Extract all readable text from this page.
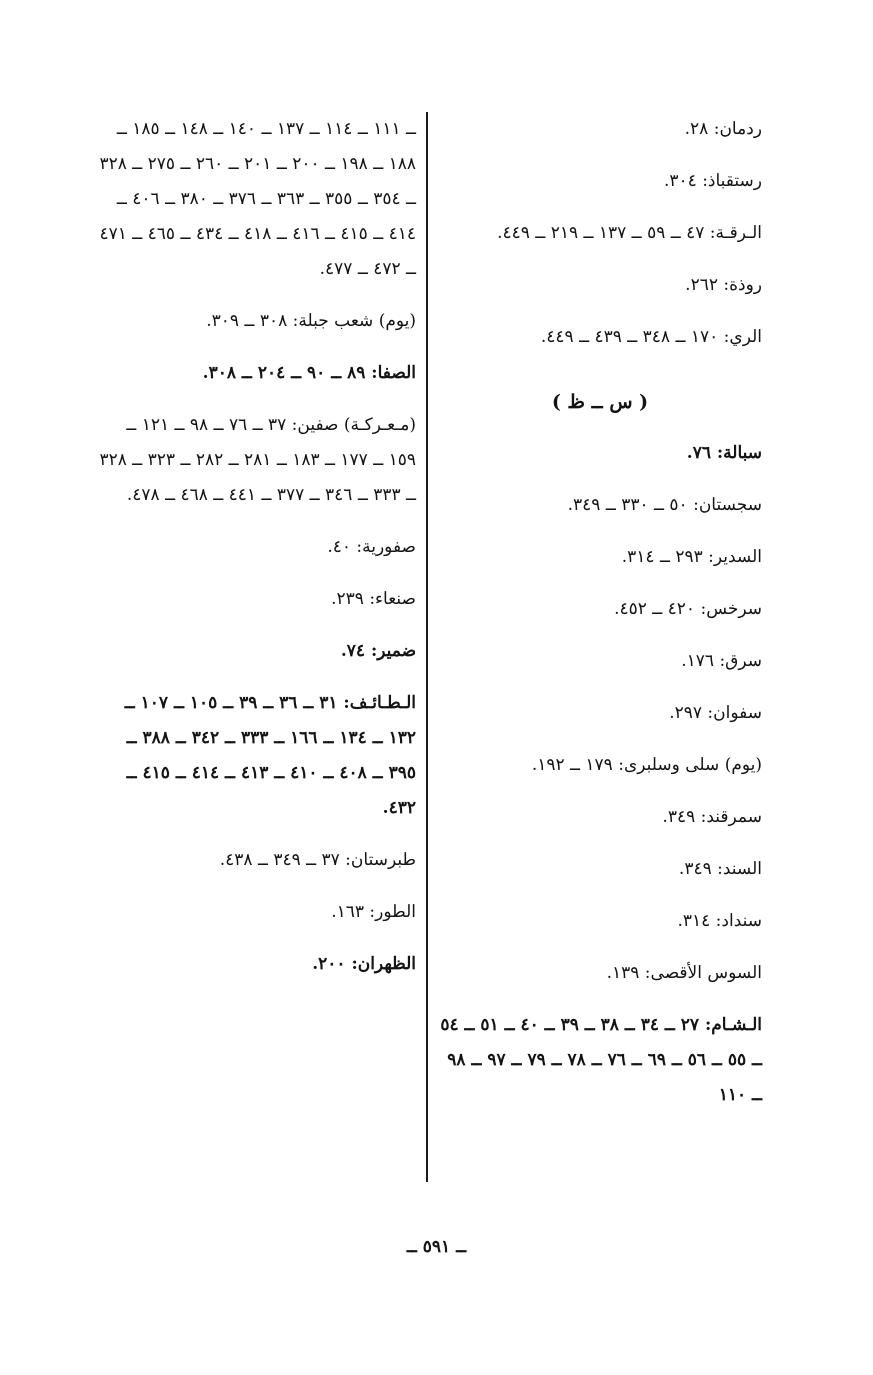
ردمان: ٢٨.

رستقباذ: ٣٠٤.

الـرقـة: ٤٧ ــ ٥٩ ــ ١٣٧ ــ ٢١٩ ــ ٤٤٩.

روذة: ٢٦٢.

الري: ١٧٠ ــ ٣٤٨ ــ ٤٣٩ ــ ٤٤٩.

( س ــ ظ )

سبالة: ٧٦.

سجستان: ٥٠ ــ ٣٣٠ ــ ٣٤٩.

السدير: ٢٩٣ ــ ٣١٤.

سرخس: ٤٢٠ ــ ٤٥٢.

سرق: ١٧٦.

سفوان: ٢٩٧.

(يوم) سلى وسلبرى: ١٧٩ ــ ١٩٢.

سمرقند: ٣٤٩.

السند: ٣٤٩.

سنداد: ٣١٤.

السوس الأقصى: ١٣٩.

الـشـام: ٢٧ ــ ٣٤ ــ ٣٨ ــ ٣٩ ــ ٤٠ ــ ٥١ ــ ٥٤ ــ ٥٥ ــ ٥٦ ــ ٦٩ ــ ٧٦ ــ ٧٨ ــ ٧٩ ــ ٩٧ ــ ٩٨ ــ ١١٠

ــ ١١١ ــ ١١٤ ــ ١٣٧ ــ ١٤٠ ــ ١٤٨ ــ ١٨٥ ــ ١٨٨ ــ ١٩٨ ــ ٢٠٠ ــ ٢٠١ ــ ٢٦٠ ــ ٢٧٥ ــ ٣٢٨ ــ ٣٥٤ ــ ٣٥٥ ــ ٣٦٣ ــ ٣٧٦ ــ ٣٨٠ ــ ٤٠٦ ــ ٤١٤ ــ ٤١٥ ــ ٤١٦ ــ ٤١٨ ــ ٤٣٤ ــ ٤٦٥ ــ ٤٧١ ــ ٤٧٢ ــ ٤٧٧.

(يوم) شعب جبلة: ٣٠٨ ــ ٣٠٩.

الصفا: ٨٩ ــ ٩٠ ــ ٢٠٤ ــ ٣٠٨.

(مـعـركـة) صفين: ٣٧ ــ ٧٦ ــ ٩٨ ــ ١٢١ ــ ١٥٩ ــ ١٧٧ ــ ١٨٣ ــ ٢٨١ ــ ٢٨٢ ــ ٣٢٣ ــ ٣٢٨ ــ ٣٣٣ ــ ٣٤٦ ــ ٣٧٧ ــ ٤٤١ ــ ٤٦٨ ــ ٤٧٨.

صفورية: ٤٠.

صنعاء: ٢٣٩.

ضمير: ٧٤.

الـطـائـف: ٣١ ــ ٣٦ ــ ٣٩ ــ ١٠٥ ــ ١٠٧ ــ ١٣٢ ــ ١٣٤ ــ ١٦٦ ــ ٣٣٣ ــ ٣٤٢ ــ ٣٨٨ ــ ٣٩٥ ــ ٤٠٨ ــ ٤١٠ ــ ٤١٣ ــ ٤١٤ ــ ٤١٥ ــ ٤٣٢.

طبرستان: ٣٧ ــ ٣٤٩ ــ ٤٣٨.

الطور: ١٦٣.

الظهران: ٢٠٠.

ــ ٥٩١ ــ
